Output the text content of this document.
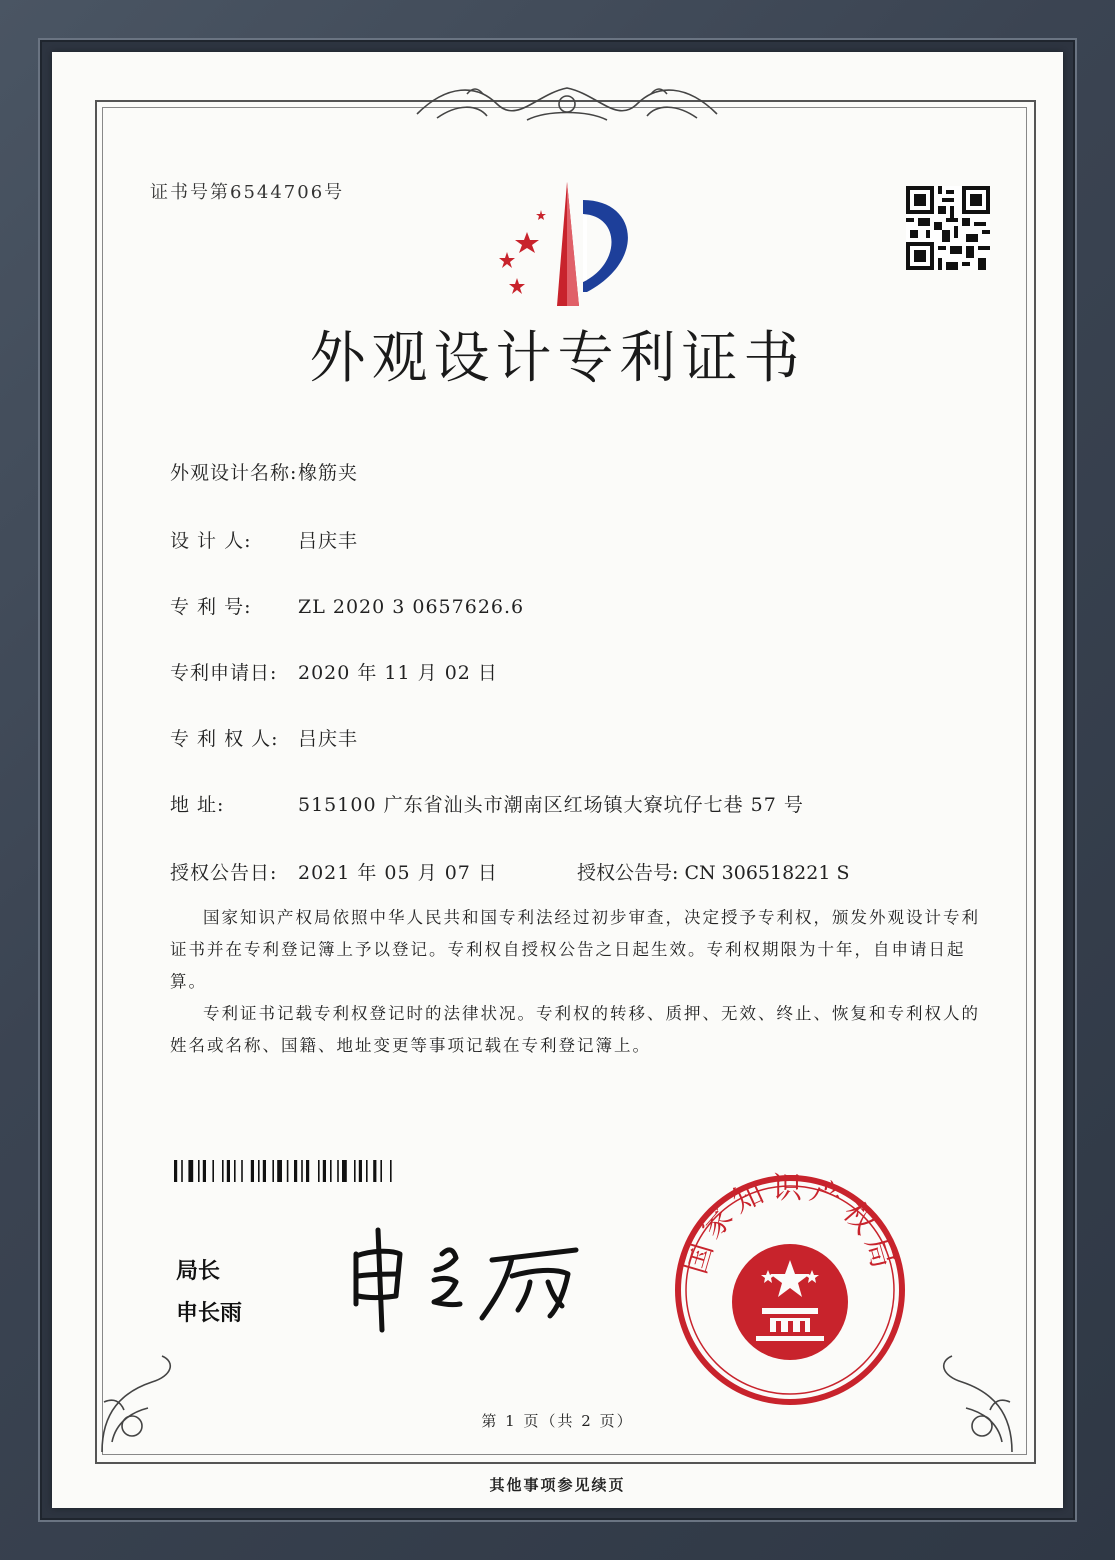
证书号第6544706号
外观设计专利证书
外观设计名称:橡筋夹
设 计 人: 吕庆丰
专 利 号: ZL 2020 3 0657626.6
专利申请日: 2020 年 11 月 02 日
专 利 权 人: 吕庆丰
地 址:	515100 广东省汕头市潮南区红场镇大寮坑仔七巷 57 号
授权公告日: 2021 年 05 月 07 日	授权公告号: CN 306518221 S
国家知识产权局依照中华人民共和国专利法经过初步审查，决定授予专利权，颁发外观设计专利证书并在专利登记簿上予以登记。专利权自授权公告之日起生效。专利权期限为十年，自申请日起算。
专利证书记载专利权登记时的法律状况。专利权的转移、质押、无效、终止、恢复和专利权人的姓名或名称、国籍、地址变更等事项记载在专利登记簿上。
局长
申长雨
国家知识产权局
第 1 页（共 2 页）
其他事项参见续页
